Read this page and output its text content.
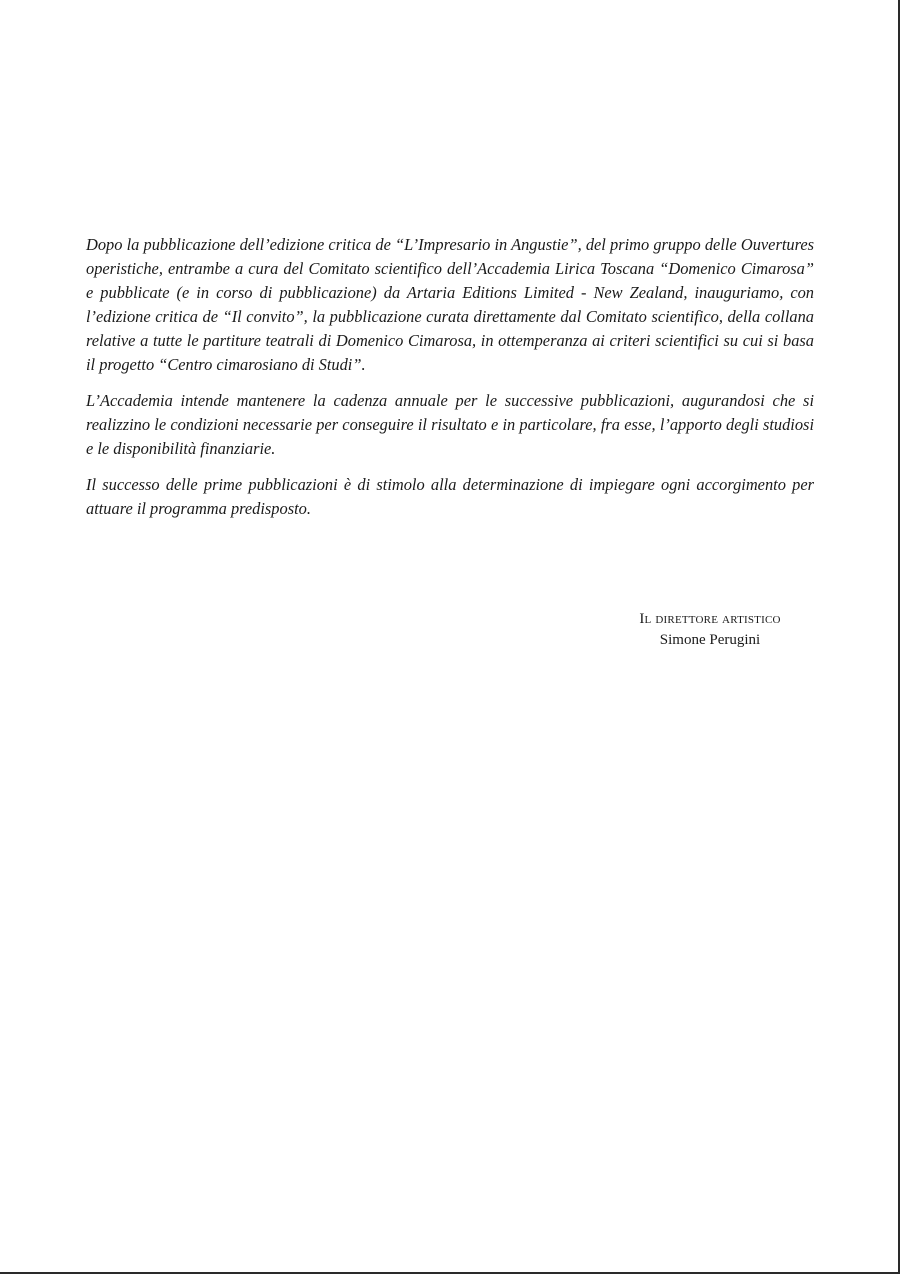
Dopo la pubblicazione dell’edizione critica de “L’Impresario in Angustie”, del primo gruppo delle Ouvertures operistiche, entrambe a cura del Comitato scientifico dell’Accademia Lirica Toscana “Domenico Cimarosa” e pubblicate (e in corso di pubblicazione) da Artaria Editions Limited - New Zealand, inauguriamo, con l’edizione critica de “Il convito”, la pubblicazione curata direttamente dal Comitato scientifico, della collana relative a tutte le partiture teatrali di Domenico Cimarosa, in ottemperanza ai criteri scientifici su cui si basa il progetto “Centro cimarosiano di Studi”.

L’Accademia intende mantenere la cadenza annuale per le successive pubblicazioni, augurandosi che si realizzino le condizioni necessarie per conseguire il risultato e in particolare, fra esse, l’apporto degli studiosi e le disponibilità finanziarie.

Il successo delle prime pubblicazioni è di stimolo alla determinazione di impiegare ogni accorgimento per attuare il programma predisposto.

Il direttore artistico
Simone Perugini
